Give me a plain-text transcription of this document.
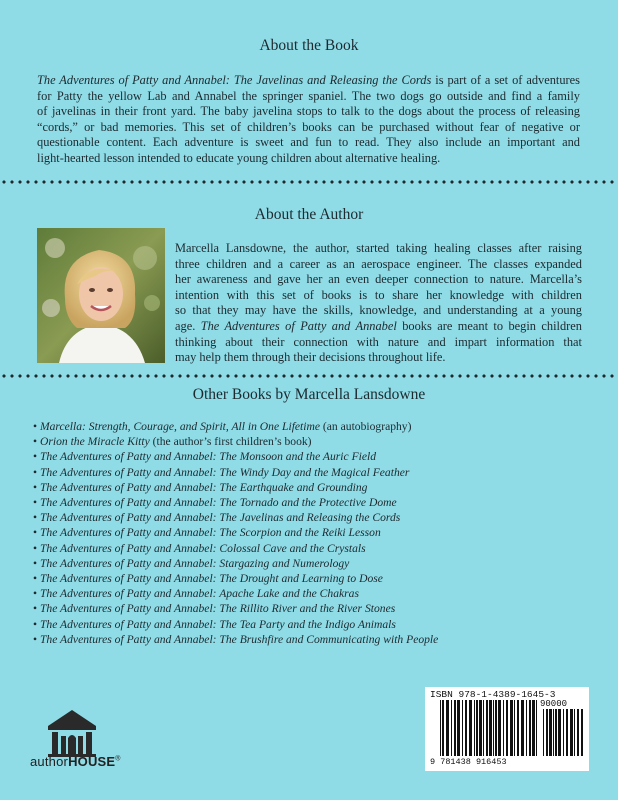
About the Book
The Adventures of Patty and Annabel: The Javelinas and Releasing the Cords is part of a set of adventures
for Patty the yellow Lab and Annabel the springer spaniel. The two dogs go outside and find a family
of javelinas in their front yard. The baby javelina stops to talk to the dogs about the process of releasing
“cords,” or bad memories. This set of children’s books can be purchased without fear of negative or
questionable content. Each adventure is sweet and fun to read. They also include an important and
light-hearted lesson intended to educate young children about alternative healing.
About the Author
Marcella Lansdowne, the author, started taking healing classes after raising
three children and a career as an aerospace engineer. The classes expanded
her awareness and gave her an even deeper connection to nature. Marcella’s
intention with this set of books is to share her knowledge with children
so that they may have the skills, knowledge, and understanding at a young
age. The Adventures of Patty and Annabel books are meant to begin children
thinking about their connection with nature and impart information that
may help them through their decisions throughout life.
Other Books by Marcella Lansdowne
• Marcella: Strength, Courage, and Spirit, All in One Lifetime (an autobiography)
• Orion the Miracle Kitty (the author’s first children’s book)
• The Adventures of Patty and Annabel: The Monsoon and the Auric Field
• The Adventures of Patty and Annabel: The Windy Day and the Magical Feather
• The Adventures of Patty and Annabel: The Earthquake and Grounding
• The Adventures of Patty and Annabel: The Tornado and the Protective Dome
• The Adventures of Patty and Annabel: The Javelinas and Releasing the Cords
• The Adventures of Patty and Annabel: The Scorpion and the Reiki Lesson
• The Adventures of Patty and Annabel: Colossal Cave and the Crystals
• The Adventures of Patty and Annabel: Stargazing and Numerology
• The Adventures of Patty and Annabel: The Drought and Learning to Dose
• The Adventures of Patty and Annabel: Apache Lake and the Chakras
• The Adventures of Patty and Annabel: The Rillito River and the River Stones
• The Adventures of Patty and Annabel: The Tea Party and the Indigo Animals
• The Adventures of Patty and Annabel: The Brushfire and Communicating with People
authorHOUSE®
ISBN 978-1-4389-1645-3
90000
9 781438 916453
